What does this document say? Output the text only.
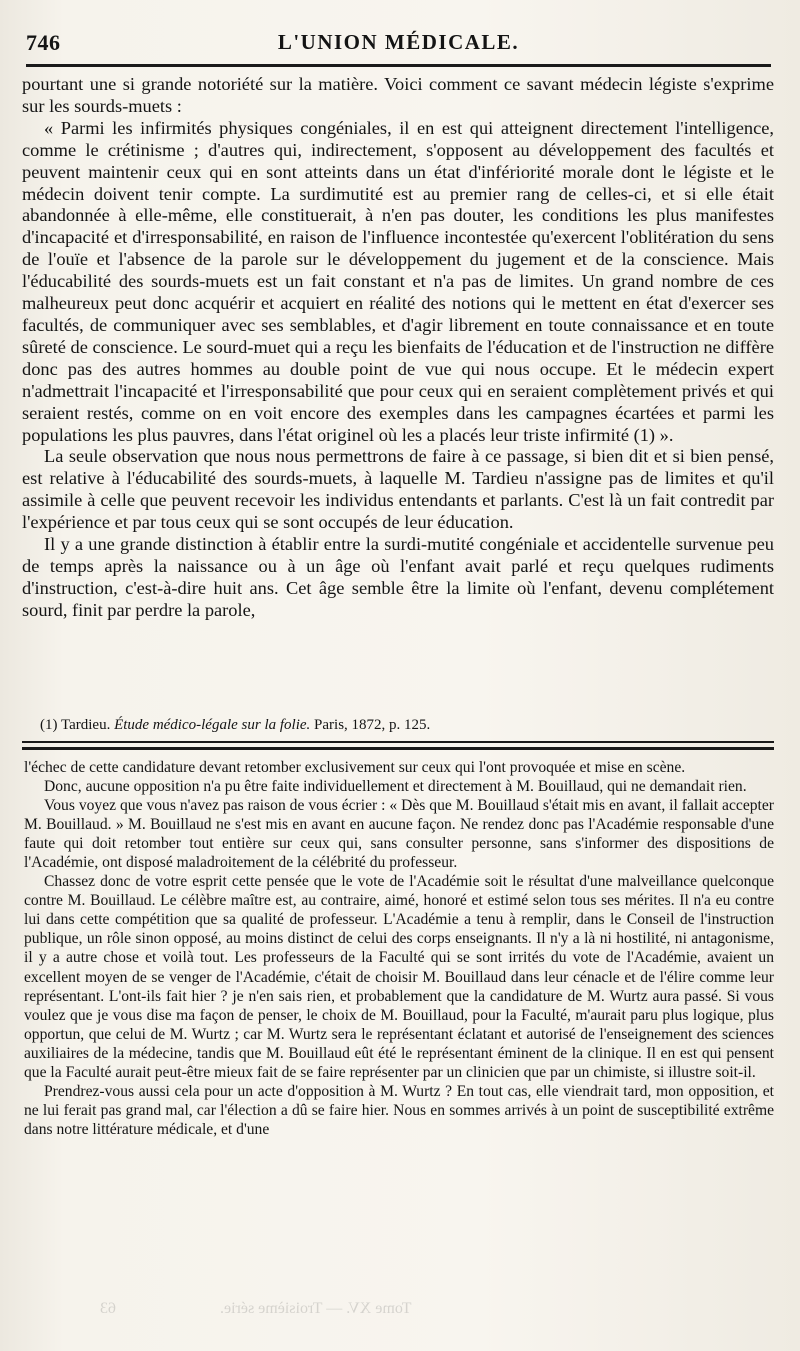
746	L'UNION MÉDICALE.

pourtant une si grande notoriété sur la matière. Voici comment ce savant médecin légiste s'exprime sur les sourds-muets :

« Parmi les infirmités physiques congéniales, il en est qui atteignent directement l'intelligence, comme le crétinisme ; d'autres qui, indirectement, s'opposent au développement des facultés et peuvent maintenir ceux qui en sont atteints dans un état d'infériorité morale dont le légiste et le médecin doivent tenir compte. La surdimutité est au premier rang de celles-ci, et si elle était abandonnée à elle-même, elle constituerait, à n'en pas douter, les conditions les plus manifestes d'incapacité et d'irresponsabilité, en raison de l'influence incontestée qu'exercent l'oblitération du sens de l'ouïe et l'absence de la parole sur le développement du jugement et de la conscience. Mais l'éducabilité des sourds-muets est un fait constant et n'a pas de limites. Un grand nombre de ces malheureux peut donc acquérir et acquiert en réalité des notions qui le mettent en état d'exercer ses facultés, de communiquer avec ses semblables, et d'agir librement en toute connaissance et en toute sûreté de conscience. Le sourd-muet qui a reçu les bienfaits de l'éducation et de l'instruction ne diffère donc pas des autres hommes au double point de vue qui nous occupe. Et le médecin expert n'admettrait l'incapacité et l'irresponsabilité que pour ceux qui en seraient complètement privés et qui seraient restés, comme on en voit encore des exemples dans les campagnes écartées et parmi les populations les plus pauvres, dans l'état originel où les a placés leur triste infirmité (1) ».

La seule observation que nous nous permettrons de faire à ce passage, si bien dit et si bien pensé, est relative à l'éducabilité des sourds-muets, à laquelle M. Tardieu n'assigne pas de limites et qu'il assimile à celle que peuvent recevoir les individus entendants et parlants. C'est là un fait contredit par l'expérience et par tous ceux qui se sont occupés de leur éducation.

Il y a une grande distinction à établir entre la surdi-mutité congéniale et accidentelle survenue peu de temps après la naissance ou à un âge où l'enfant avait parlé et reçu quelques rudiments d'instruction, c'est-à-dire huit ans. Cet âge semble être la limite où l'enfant, devenu complétement sourd, finit par perdre la parole,

(1) Tardieu. Étude médico-légale sur la folie. Paris, 1872, p. 125.

l'échec de cette candidature devant retomber exclusivement sur ceux qui l'ont provoquée et mise en scène.

Donc, aucune opposition n'a pu être faite individuellement et directement à M. Bouillaud, qui ne demandait rien.

Vous voyez que vous n'avez pas raison de vous écrier : « Dès que M. Bouillaud s'était mis en avant, il fallait accepter M. Bouillaud. » M. Bouillaud ne s'est mis en avant en aucune façon. Ne rendez donc pas l'Académie responsable d'une faute qui doit retomber tout entière sur ceux qui, sans consulter personne, sans s'informer des dispositions de l'Académie, ont disposé maladroitement de la célébrité du professeur.

Chassez donc de votre esprit cette pensée que le vote de l'Académie soit le résultat d'une malveillance quelconque contre M. Bouillaud. Le célèbre maître est, au contraire, aimé, honoré et estimé selon tous ses mérites. Il n'a eu contre lui dans cette compétition que sa qualité de professeur. L'Académie a tenu à remplir, dans le Conseil de l'instruction publique, un rôle sinon opposé, au moins distinct de celui des corps enseignants. Il n'y a là ni hostilité, ni antagonisme, il y a autre chose et voilà tout. Les professeurs de la Faculté qui se sont irrités du vote de l'Académie, avaient un excellent moyen de se venger de l'Académie, c'était de choisir M. Bouillaud dans leur cénacle et de l'élire comme leur représentant. L'ont-ils fait hier ? je n'en sais rien, et probablement que la candidature de M. Wurtz aura passé. Si vous voulez que je vous dise ma façon de penser, le choix de M. Bouillaud, pour la Faculté, m'aurait paru plus logique, plus opportun, que celui de M. Wurtz ; car M. Wurtz sera le représentant éclatant et autorisé de l'enseignement des sciences auxiliaires de la médecine, tandis que M. Bouillaud eût été le représentant éminent de la clinique. Il en est qui pensent que la Faculté aurait peut-être mieux fait de se faire représenter par un clinicien que par un chimiste, si illustre soit-il.

Prendrez-vous aussi cela pour un acte d'opposition à M. Wurtz ? En tout cas, elle viendrait tard, mon opposition, et ne lui ferait pas grand mal, car l'élection a dû se faire hier. Nous en sommes arrivés à un point de susceptibilité extrême dans notre littérature médicale, et d'une

Tome XV. — Troisième série.
63
